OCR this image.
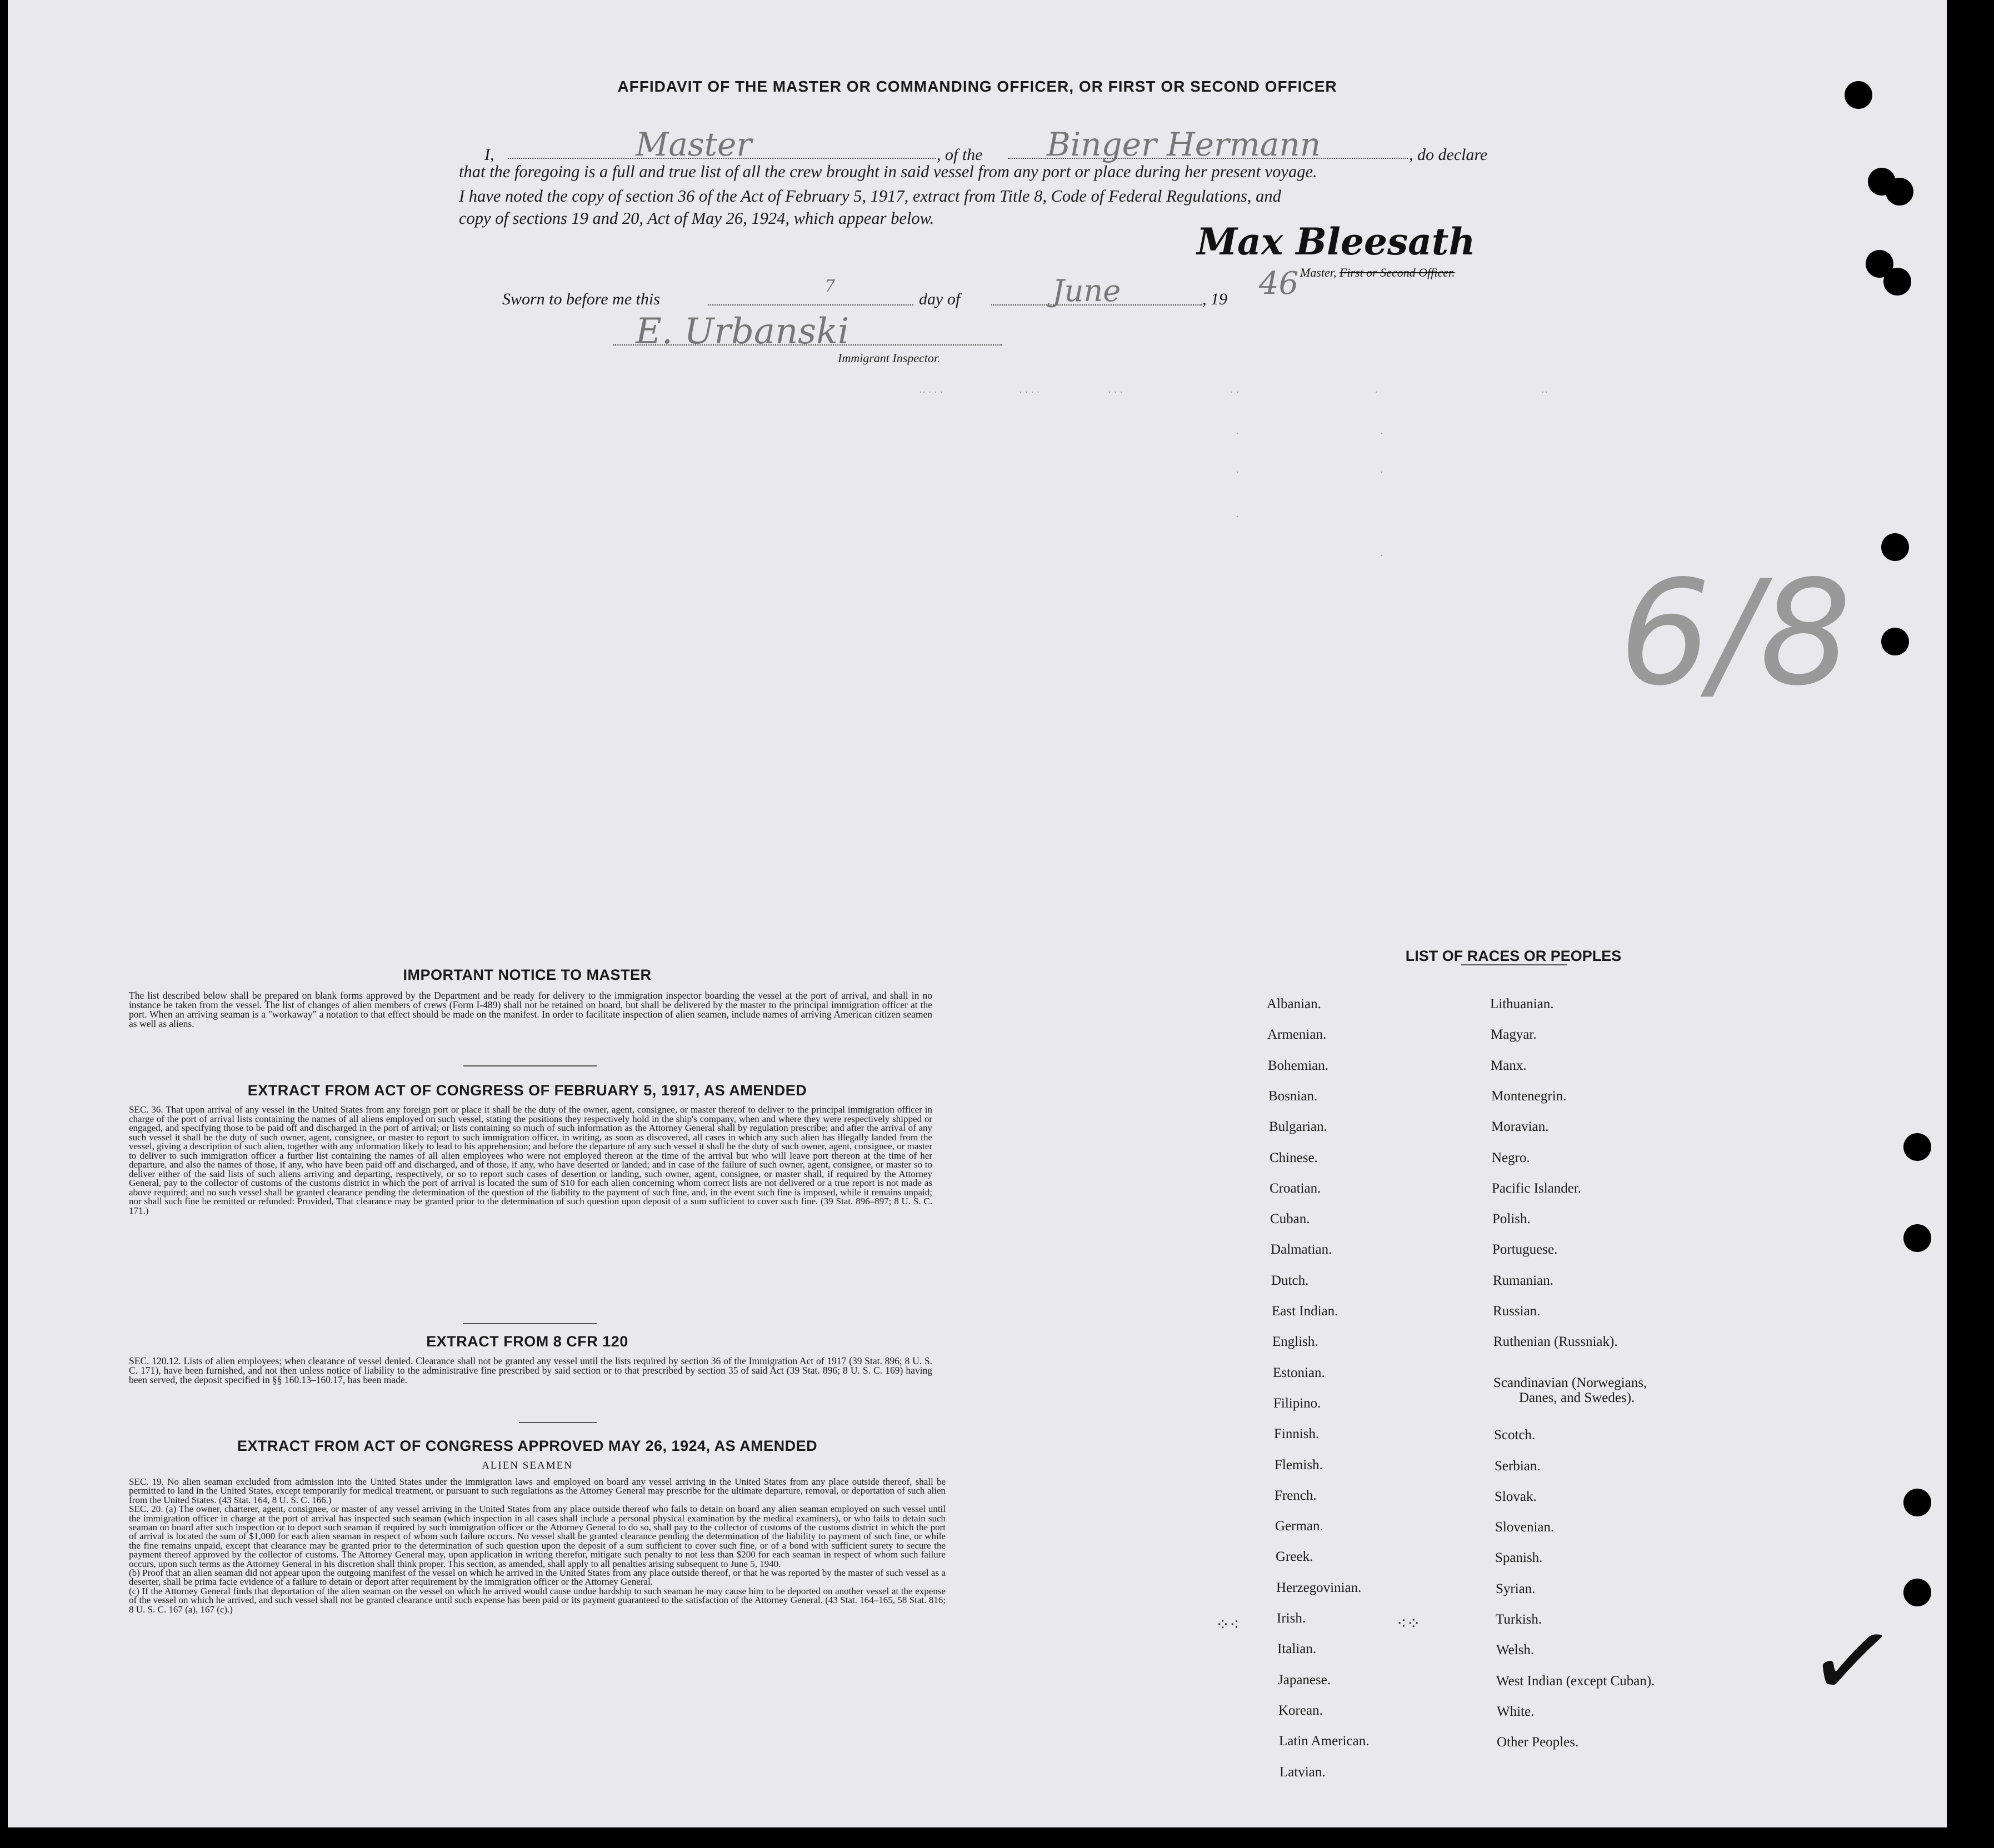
AFFIDAVIT OF THE MASTER OR COMMANDING OFFICER, OR FIRST OR SECOND OFFICER
I,	Master	, of the Binger Hermann	, do declare
that the foregoing is a full and true list of all the crew brought in said vessel from any port or place during her present voyage.
I have noted the copy of section 36 of the Act of February 5, 1917, extract from Title 8, Code of Federal Regulations, and
copy of sections 19 and 20, Act of May 26, 1924, which appear below.
Max Bleesath
Master, First or Second Officer.
Sworn to before me this
7
day of	June	, 19 46
E. Urbanski
Immigrant Inspector.
·· · · ·	· · · ·	· · ·	· ·	·	··
·	·
·	·
·
· 6/8
IMPORTANT NOTICE TO MASTER
The list described below shall be prepared on blank forms approved by the Department and be ready for delivery to the immigration inspector boarding the vessel at the port of arrival, and shall in no instance be taken from the vessel. The list of changes of alien members of crews (Form I-489) shall not be retained on board, but shall be delivered by the master to the principal immigration officer at the port. When an arriving seaman is a "workaway" a notation to that effect should be made on the manifest. In order to facilitate inspection of alien seamen, include names of arriving American citizen seamen as well as aliens.
EXTRACT FROM ACT OF CONGRESS OF FEBRUARY 5, 1917, AS AMENDED
SEC. 36. That upon arrival of any vessel in the United States from any foreign port or place it shall be the duty of the owner, agent, consignee, or master thereof to deliver to the principal immigration officer in charge of the port of arrival lists containing the names of all aliens employed on such vessel, stating the positions they respectively hold in the ship's company, when and where they were respectively shipped or engaged, and specifying those to be paid off and discharged in the port of arrival; or lists containing so much of such information as the Attorney General shall by regulation prescribe; and after the arrival of any such vessel it shall be the duty of such owner, agent, consignee, or master to report to such immigration officer, in writing, as soon as discovered, all cases in which any such alien has illegally landed from the vessel, giving a description of such alien, together with any information likely to lead to his apprehension; and before the departure of any such vessel it shall be the duty of such owner, agent, consignee, or master to deliver to such immigration officer a further list containing the names of all alien employees who were not employed thereon at the time of the arrival but who will leave port thereon at the time of her departure, and also the names of those, if any, who have been paid off and discharged, and of those, if any, who have deserted or landed; and in case of the failure of such owner, agent, consignee, or master so to deliver either of the said lists of such aliens arriving and departing, respectively, or so to report such cases of desertion or landing, such owner, agent, consignee, or master shall, if required by the Attorney General, pay to the collector of customs of the customs district in which the port of arrival is located the sum of $10 for each alien concerning whom correct lists are not delivered or a true report is not made as above required; and no such vessel shall be granted clearance pending the determination of the question of the liability to the payment of such fine, and, in the event such fine is imposed, while it remains unpaid; nor shall such fine be remitted or refunded: Provided, That clearance may be granted prior to the determination of such question upon deposit of a sum sufficient to cover such fine. (39 Stat. 896–897; 8 U. S. C. 171.)
EXTRACT FROM 8 CFR 120
SEC. 120.12. Lists of alien employees; when clearance of vessel denied. Clearance shall not be granted any vessel until the lists required by section 36 of the Immigration Act of 1917 (39 Stat. 896; 8 U. S. C. 171), have been furnished, and not then unless notice of liability to the administrative fine prescribed by said section or to that prescribed by section 35 of said Act (39 Stat. 896; 8 U. S. C. 169) having been served, the deposit specified in §§ 160.13–160.17, has been made.
EXTRACT FROM ACT OF CONGRESS APPROVED MAY 26, 1924, AS AMENDED
ALIEN SEAMEN
SEC. 19. No alien seaman excluded from admission into the United States under the immigration laws and employed on board any vessel arriving in the United States from any place outside thereof, shall be permitted to land in the United States, except temporarily for medical treatment, or pursuant to such regulations as the Attorney General may prescribe for the ultimate departure, removal, or deportation of such alien from the United States. (43 Stat. 164, 8 U. S. C. 166.)
SEC. 20. (a) The owner, charterer, agent, consignee, or master of any vessel arriving in the United States from any place outside thereof who fails to detain on board any alien seaman employed on such vessel until the immigration officer in charge at the port of arrival has inspected such seaman (which inspection in all cases shall include a personal physical examination by the medical examiners), or who fails to detain such seaman on board after such inspection or to deport such seaman if required by such immigration officer or the Attorney General to do so, shall pay to the collector of customs of the customs district in which the port of arrival is located the sum of $1,000 for each alien seaman in respect of whom such failure occurs. No vessel shall be granted clearance pending the determination of the liability to payment of such fine, or while the fine remains unpaid, except that clearance may be granted prior to the determination of such question upon the deposit of a sum sufficient to cover such fine, or of a bond with sufficient surety to secure the payment thereof approved by the collector of customs. The Attorney General may, upon application in writing therefor, mitigate such penalty to not less than $200 for each seaman in respect of whom such failure occurs, upon such terms as the Attorney General in his discretion shall think proper. This section, as amended, shall apply to all penalties arising subsequent to June 5, 1940.
(b) Proof that an alien seaman did not appear upon the outgoing manifest of the vessel on which he arrived in the United States from any place outside thereof, or that he was reported by the master of such vessel as a deserter, shall be prima facie evidence of a failure to detain or deport after requirement by the immigration officer or the Attorney General.
(c) If the Attorney General finds that deportation of the alien seaman on the vessel on which he arrived would cause undue hardship to such seaman he may cause him to be deported on another vessel at the expense of the vessel on which he arrived, and such vessel shall not be granted clearance until such expense has been paid or its payment guaranteed to the satisfaction of the Attorney General. (43 Stat. 164–165, 58 Stat. 816; 8 U. S. C. 167 (a), 167 (c).)
LIST OF RACES OR PEOPLES
Albanian.
Armenian.
Bohemian.
Bosnian.
Bulgarian.
Chinese.
Croatian.
Cuban.
Dalmatian.
Dutch.
East Indian.
English.
Estonian.
Filipino.
Finnish.
Flemish.
French.
German.
Greek.
Herzegovinian.
Irish.
Italian.
Japanese.
Korean.
Latin American.
Latvian.
Lithuanian.
Magyar.
Manx.
Montenegrin.
Moravian.
Negro.
Pacific Islander.
Polish.
Portuguese.
Rumanian.
Russian.
Ruthenian (Russniak).
Scandinavian (Norwegians,
Danes, and Swedes).
Scotch.
Serbian.
Slovak.
Slovenian.
Spanish.
Syrian.
Turkish.
Welsh.
West Indian (except Cuban).
White.
Other Peoples.
⁘⁖	⁖⁘	✓
